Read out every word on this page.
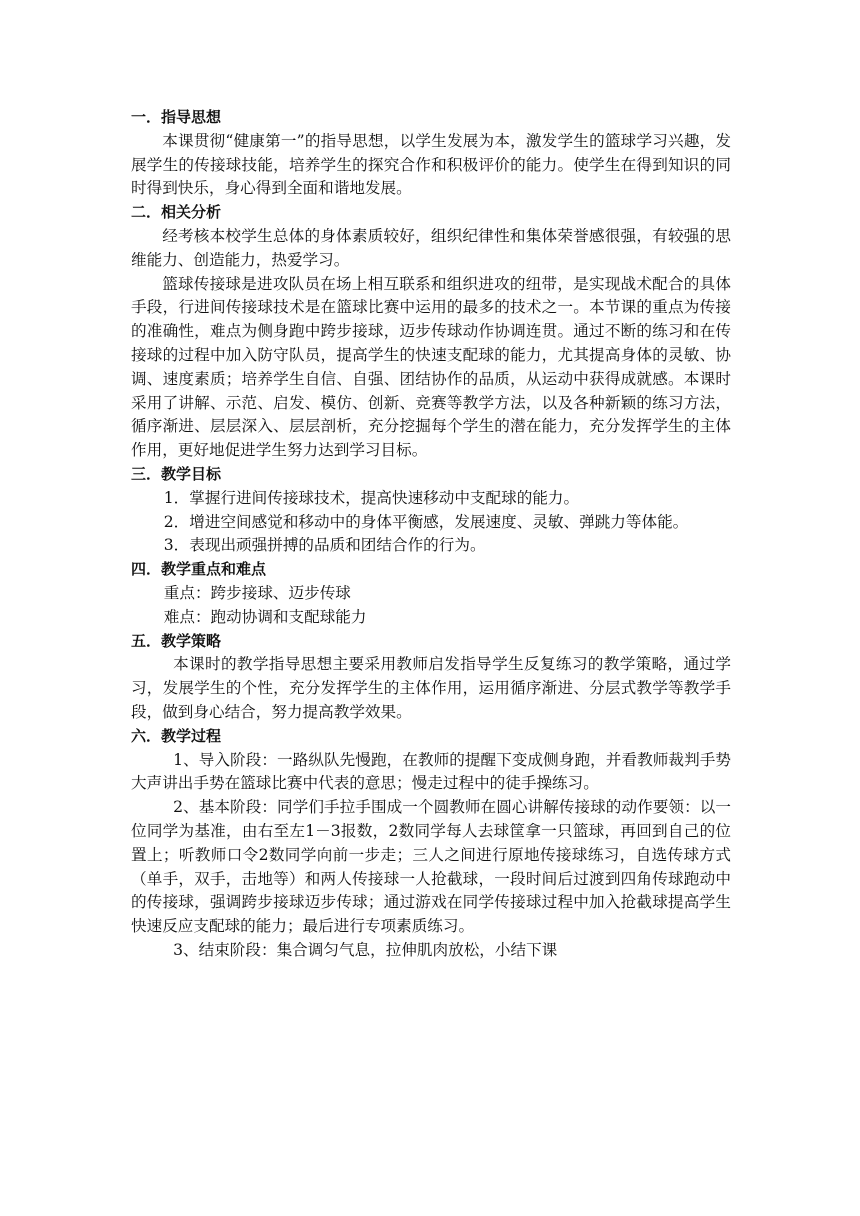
一．指导思想

本课贯彻“健康第一”的指导思想，以学生发展为本，激发学生的篮球学习兴趣，发展学生的传接球技能，培养学生的探究合作和积极评价的能力。使学生在得到知识的同时得到快乐，身心得到全面和谐地发展。

二．相关分析

经考核本校学生总体的身体素质较好，组织纪律性和集体荣誉感很强，有较强的思维能力、创造能力，热爱学习。

篮球传接球是进攻队员在场上相互联系和组织进攻的纽带，是实现战术配合的具体手段，行进间传接球技术是在篮球比赛中运用的最多的技术之一。本节课的重点为传接的准确性，难点为侧身跑中跨步接球，迈步传球动作协调连贯。通过不断的练习和在传接球的过程中加入防守队员，提高学生的快速支配球的能力，尤其提高身体的灵敏、协调、速度素质；培养学生自信、自强、团结协作的品质，从运动中获得成就感。本课时采用了讲解、示范、启发、模仿、创新、竞赛等教学方法，以及各种新颖的练习方法，循序渐进、层层深入、层层剖析，充分挖掘每个学生的潜在能力，充分发挥学生的主体作用，更好地促进学生努力达到学习目标。

三．教学目标

1．掌握行进间传接球技术，提高快速移动中支配球的能力。

2．增进空间感觉和移动中的身体平衡感，发展速度、灵敏、弹跳力等体能。

3．表现出顽强拼搏的品质和团结合作的行为。

四．教学重点和难点

重点：跨步接球、迈步传球

难点：跑动协调和支配球能力

五．教学策略

本课时的教学指导思想主要采用教师启发指导学生反复练习的教学策略，通过学习，发展学生的个性，充分发挥学生的主体作用，运用循序渐进、分层式教学等教学手段，做到身心结合，努力提高教学效果。

六．教学过程

1、导入阶段：一路纵队先慢跑，在教师的提醒下变成侧身跑，并看教师裁判手势大声讲出手势在篮球比赛中代表的意思；慢走过程中的徒手操练习。

2、基本阶段：同学们手拉手围成一个圆教师在圆心讲解传接球的动作要领：以一位同学为基准，由右至左1－3报数，2数同学每人去球筐拿一只篮球，再回到自己的位置上；听教师口令2数同学向前一步走；三人之间进行原地传接球练习，自选传球方式（单手，双手，击地等）和两人传接球一人抢截球，一段时间后过渡到四角传球跑动中的传接球，强调跨步接球迈步传球；通过游戏在同学传接球过程中加入抢截球提高学生快速反应支配球的能力；最后进行专项素质练习。

3、结束阶段：集合调匀气息，拉伸肌肉放松，小结下课
